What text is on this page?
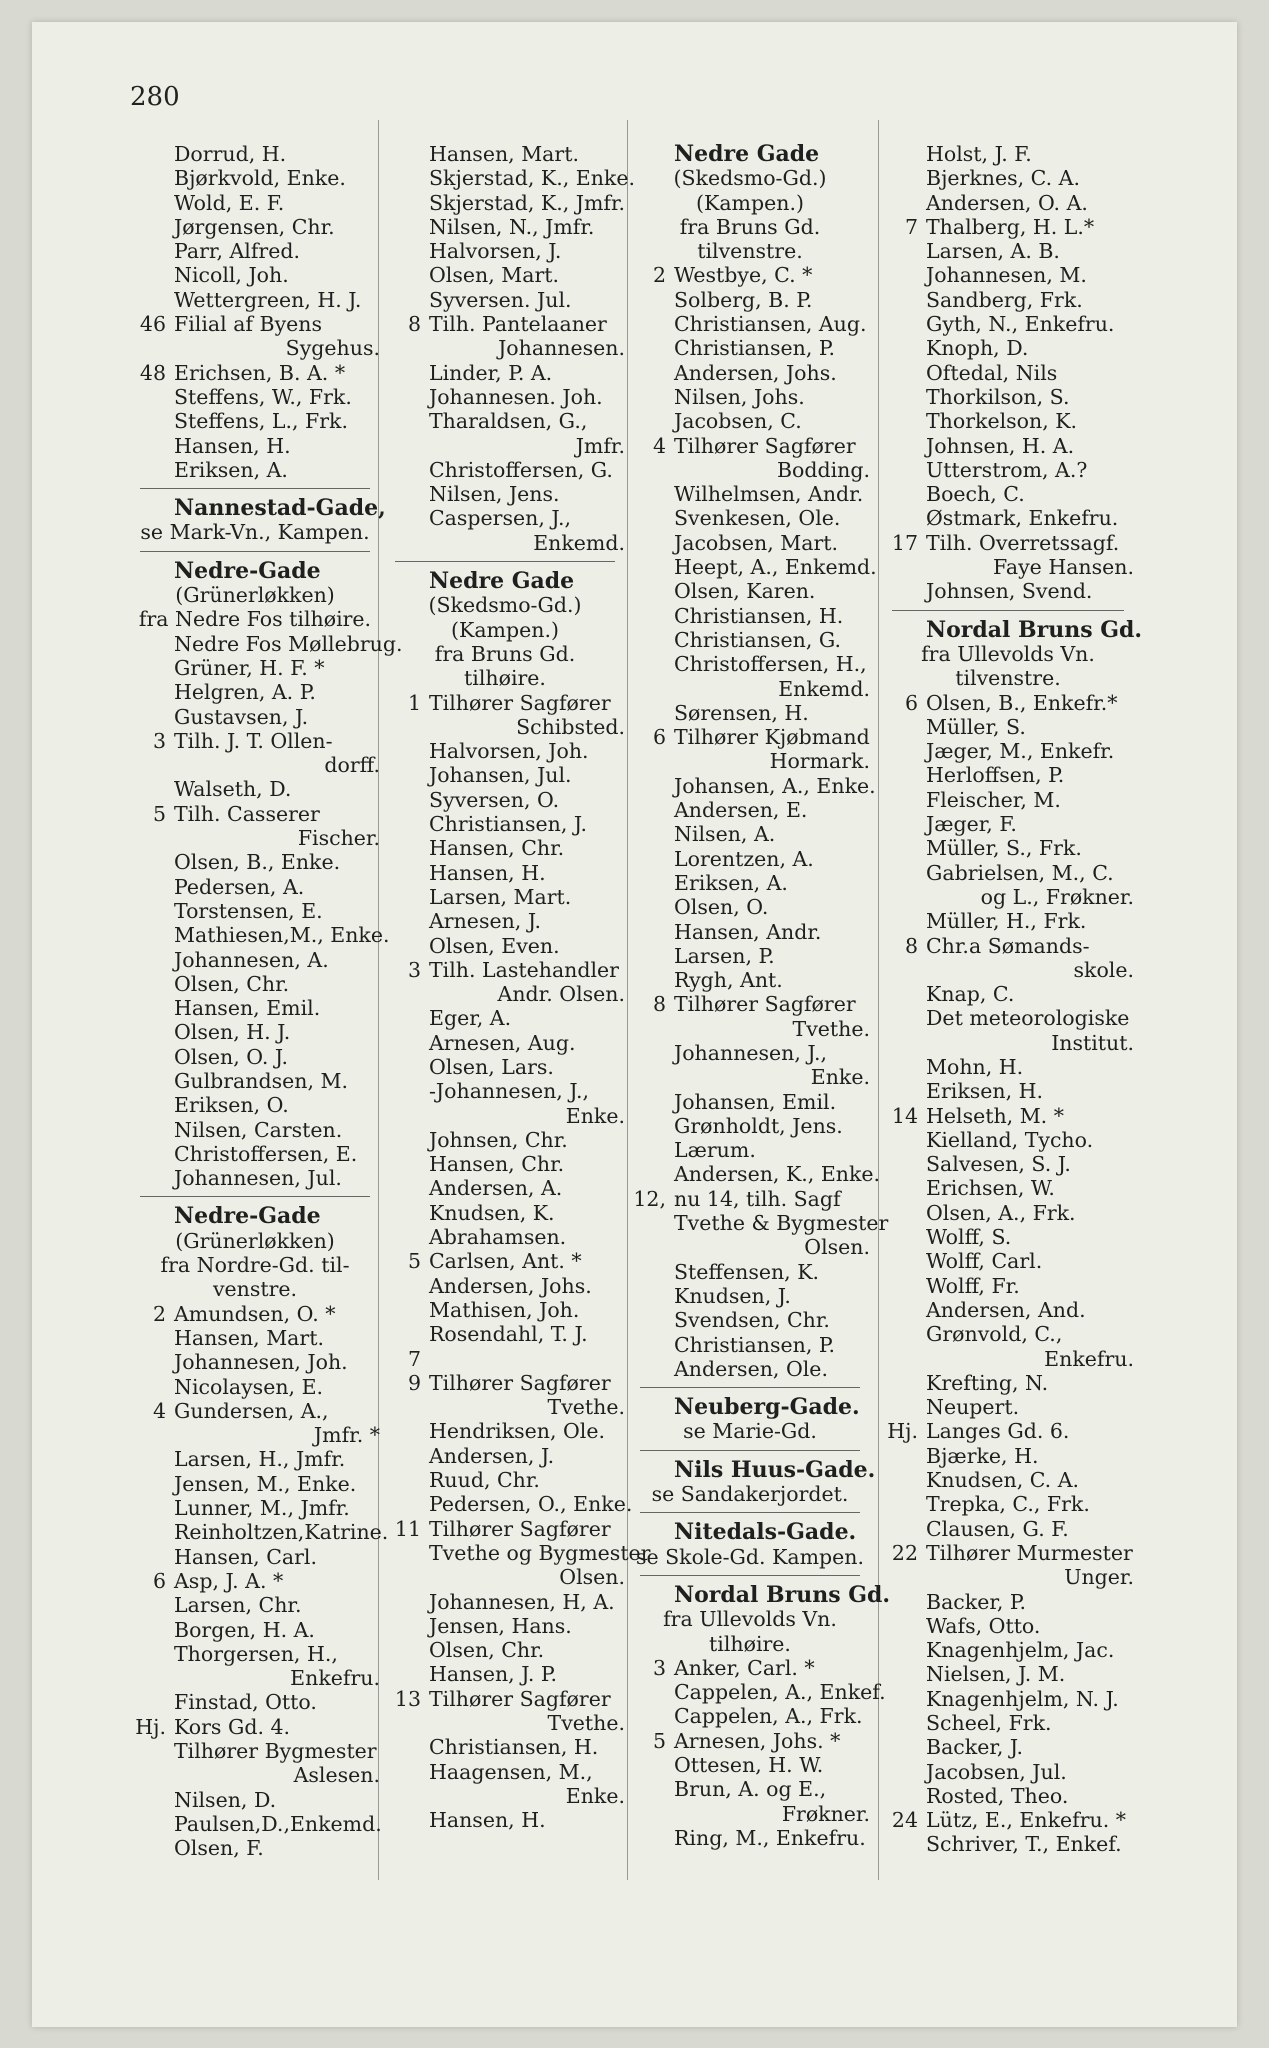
280
Dorrud, H.
Bjørkvold, Enke.
Wold, E. F.
Jørgensen, Chr.
Parr, Alfred.
Nicoll, Joh.
Wettergreen, H. J.
46 Filial af Byens
Sygehus.
48 Erichsen, B. A. *
Steffens, W., Frk.
Steffens, L., Frk.
Hansen, H.
Eriksen, A.
Nannestad-Gade,
se Mark-Vn., Kampen.
Nedre-Gade
(Grünerløkken)
fra Nedre Fos tilhøire.
Nedre Fos Møllebrug.
Grüner, H. F. *
Helgren, A. P.
Gustavsen, J.
3 Tilh. J. T. Ollen-
dorff.
Walseth, D.
5 Tilh. Casserer
Fischer.
Olsen, B., Enke.
Pedersen, A.
Torstensen, E.
Mathiesen,M., Enke.
Johannesen, A.
Olsen, Chr.
Hansen, Emil.
Olsen, H. J.
Olsen, O. J.
Gulbrandsen, M.
Eriksen, O.
Nilsen, Carsten.
Christoffersen, E.
Johannesen, Jul.
Nedre-Gade
(Grünerløkken)
fra Nordre-Gd. til-
venstre.
2 Amundsen, O. *
Hansen, Mart.
Johannesen, Joh.
Nicolaysen, E.
4 Gundersen, A.,
Jmfr. *
Larsen, H., Jmfr.
Jensen, M., Enke.
Lunner, M., Jmfr.
Reinholtzen,Katrine.
Hansen, Carl.
6 Asp, J. A. *
Larsen, Chr.
Borgen, H. A.
Thorgersen, H.,
Enkefru.
Finstad, Otto.
Hj. Kors Gd. 4.
Tilhører Bygmester
Aslesen.
Nilsen, D.
Paulsen,D.,Enkemd.
Olsen, F.
Hansen, Mart.
Skjerstad, K., Enke.
Skjerstad, K., Jmfr.
Nilsen, N., Jmfr.
Halvorsen, J.
Olsen, Mart.
Syversen. Jul.
8 Tilh. Pantelaaner
Johannesen.
Linder, P. A.
Johannesen. Joh.
Tharaldsen, G.,
Jmfr.
Christoffersen, G.
Nilsen, Jens.
Caspersen, J.,
Enkemd.
Nedre Gade
(Skedsmo-Gd.)
(Kampen.)
fra Bruns Gd.
tilhøire.
1 Tilhører Sagfører
Schibsted.
Halvorsen, Joh.
Johansen, Jul.
Syversen, O.
Christiansen, J.
Hansen, Chr.
Hansen, H.
Larsen, Mart.
Arnesen, J.
Olsen, Even.
3 Tilh. Lastehandler
Andr. Olsen.
Eger, A.
Arnesen, Aug.
Olsen, Lars.
-Johannesen, J.,
Enke.
Johnsen, Chr.
Hansen, Chr.
Andersen, A.
Knudsen, K.
Abrahamsen.
5 Carlsen, Ant. *
Andersen, Johs.
Mathisen, Joh.
Rosendahl, T. J.
7
9 Tilhører Sagfører
Tvethe.
Hendriksen, Ole.
Andersen, J.
Ruud, Chr.
Pedersen, O., Enke.
11 Tilhører Sagfører
Tvethe og Bygmester
Olsen.
Johannesen, H, A.
Jensen, Hans.
Olsen, Chr.
Hansen, J. P.
13 Tilhører Sagfører
Tvethe.
Christiansen, H.
Haagensen, M.,
Enke.
Hansen, H.
Nedre Gade
(Skedsmo-Gd.)
(Kampen.)
fra Bruns Gd.
tilvenstre.
2 Westbye, C. *
Solberg, B. P.
Christiansen, Aug.
Christiansen, P.
Andersen, Johs.
Nilsen, Johs.
Jacobsen, C.
4 Tilhører Sagfører
Bodding.
Wilhelmsen, Andr.
Svenkesen, Ole.
Jacobsen, Mart.
Heept, A., Enkemd.
Olsen, Karen.
Christiansen, H.
Christiansen, G.
Christoffersen, H.,
Enkemd.
Sørensen, H.
6 Tilhører Kjøbmand
Hormark.
Johansen, A., Enke.
Andersen, E.
Nilsen, A.
Lorentzen, A.
Eriksen, A.
Olsen, O.
Hansen, Andr.
Larsen, P.
Rygh, Ant.
8 Tilhører Sagfører
Tvethe.
Johannesen, J.,
Enke.
Johansen, Emil.
Grønholdt, Jens.
Lærum.
Andersen, K., Enke.
12, nu 14, tilh. Sagf
Tvethe & Bygmester
Olsen.
Steffensen, K.
Knudsen, J.
Svendsen, Chr.
Christiansen, P.
Andersen, Ole.
Neuberg-Gade.
se Marie-Gd.
Nils Huus-Gade.
se Sandakerjordet.
Nitedals-Gade.
se Skole-Gd. Kampen.
Nordal Bruns Gd.
fra Ullevolds Vn.
tilhøire.
3 Anker, Carl. *
Cappelen, A., Enkef.
Cappelen, A., Frk.
5 Arnesen, Johs. *
Ottesen, H. W.
Brun, A. og E.,
Frøkner.
Ring, M., Enkefru.
Holst, J. F.
Bjerknes, C. A.
Andersen, O. A.
7 Thalberg, H. L.*
Larsen, A. B.
Johannesen, M.
Sandberg, Frk.
Gyth, N., Enkefru.
Knoph, D.
Oftedal, Nils
Thorkilson, S.
Thorkelson, K.
Johnsen, H. A.
Utterstrom, A.?
Boech, C.
Østmark, Enkefru.
17 Tilh. Overretssagf.
Faye Hansen.
Johnsen, Svend.
Nordal Bruns Gd.
fra Ullevolds Vn.
tilvenstre.
6 Olsen, B., Enkefr.*
Müller, S.
Jæger, M., Enkefr.
Herloffsen, P.
Fleischer, M.
Jæger, F.
Müller, S., Frk.
Gabrielsen, M., C.
og L., Frøkner.
Müller, H., Frk.
8 Chr.a Sømands-
skole.
Knap, C.
Det meteorologiske
Institut.
Mohn, H.
Eriksen, H.
14 Helseth, M. *
Kielland, Tycho.
Salvesen, S. J.
Erichsen, W.
Olsen, A., Frk.
Wolff, S.
Wolff, Carl.
Wolff, Fr.
Andersen, And.
Grønvold, C.,
Enkefru.
Krefting, N.
Neupert.
Hj. Langes Gd. 6.
Bjærke, H.
Knudsen, C. A.
Trepka, C., Frk.
Clausen, G. F.
22 Tilhører Murmester
Unger.
Backer, P.
Wafs, Otto.
Knagenhjelm, Jac.
Nielsen, J. M.
Knagenhjelm, N. J.
Scheel, Frk.
Backer, J.
Jacobsen, Jul.
Rosted, Theo.
24 Lütz, E., Enkefru. *
Schriver, T., Enkef.
